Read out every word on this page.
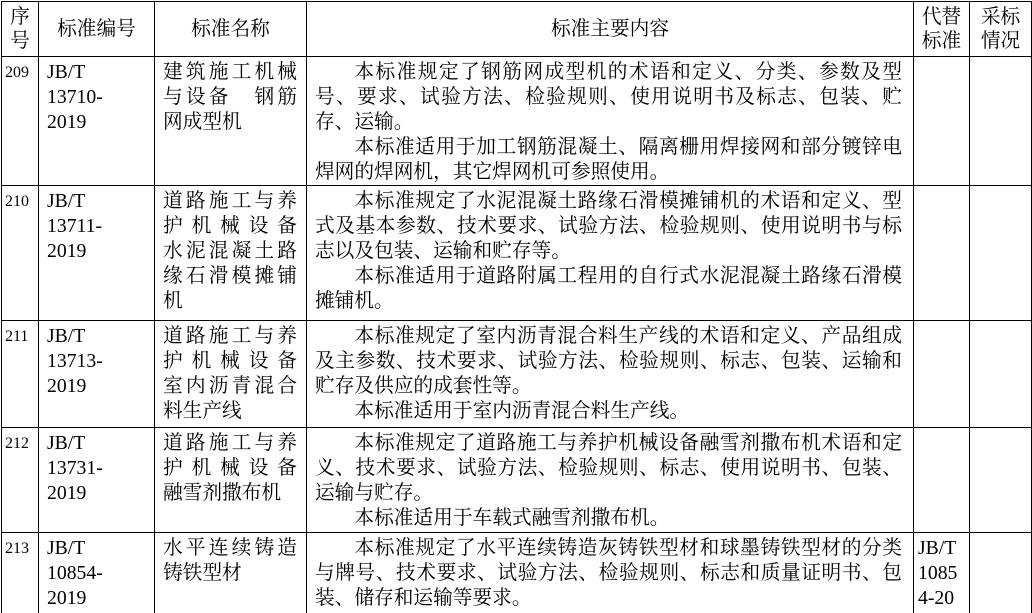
序号	标准编号	标准名称	标准主要内容	代替标准	采标情况
209	JB/T 13710-2019	建筑施工机械与设备　钢筋网成型机	本标准规定了钢筋网成型机的术语和定义、分类、参数及型号、要求、试验方法、检验规则、使用说明书及标志、包装、贮存、运输。

本标准适用于加工钢筋混凝土、隔离栅用焊接网和部分镀锌电焊网的焊网机，其它焊网机可参照使用。		

210	JB/T 13711-2019	道路施工与养护机械设备　水泥混凝土路缘石滑模摊铺机	本标准规定了水泥混凝土路缘石滑模摊铺机的术语和定义、型式及基本参数、技术要求、试验方法、检验规则、使用说明书与标志以及包装、运输和贮存等。

本标准适用于道路附属工程用的自行式水泥混凝土路缘石滑模摊铺机。		

211	JB/T 13713-2019	道路施工与养护机械设备　室内沥青混合料生产线	本标准规定了室内沥青混合料生产线的术语和定义、产品组成及主参数、技术要求、试验方法、检验规则、标志、包装、运输和贮存及供应的成套性等。

本标准适用于室内沥青混合料生产线。		

212	JB/T 13731-2019	道路施工与养护机械设备　融雪剂撒布机	本标准规定了道路施工与养护机械设备融雪剂撒布机术语和定义、技术要求、试验方法、检验规则、标志、使用说明书、包装、运输与贮存。

本标准适用于车载式融雪剂撒布机。		

213	JB/T 10854-2019	水平连续铸造铸铁型材	本标准规定了水平连续铸造灰铸铁型材和球墨铸铁型材的分类与牌号、技术要求、试验方法、检验规则、标志和质量证明书、包装、储存和运输等要求。	JB/T 10854-20	
